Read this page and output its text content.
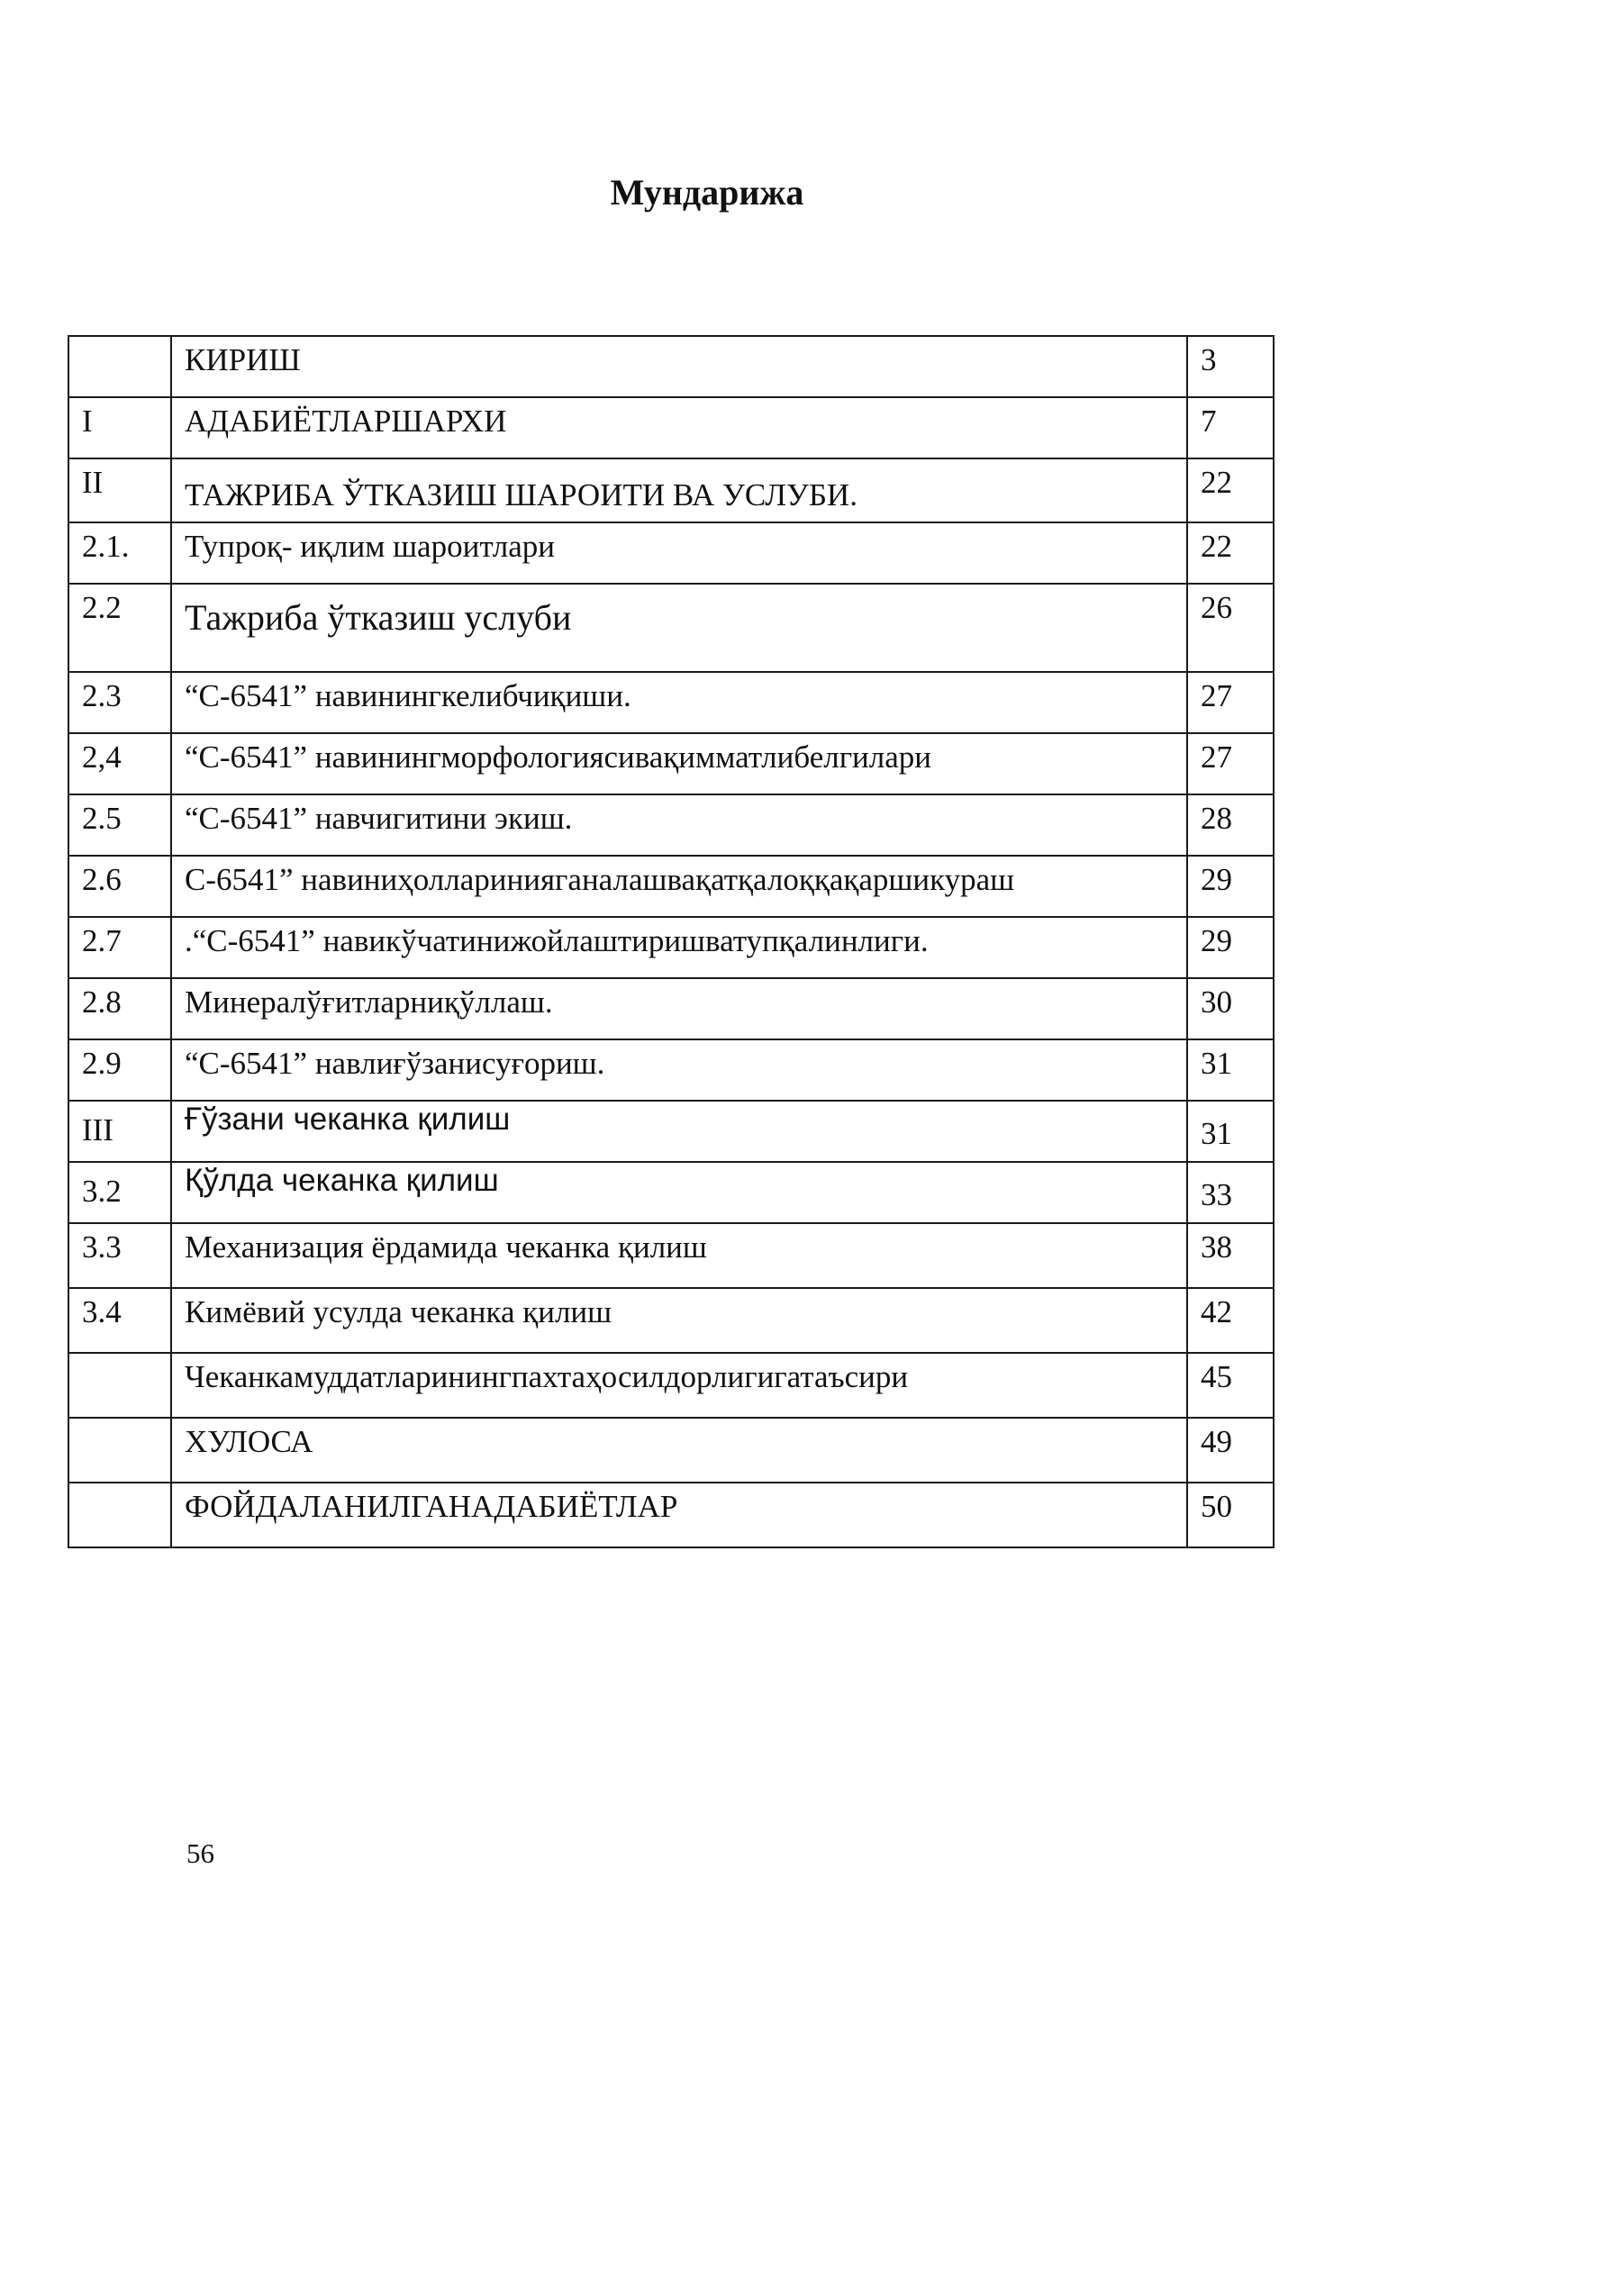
Мундарижа
	КИРИШ	3
I	АДАБИЁТЛАРШАРХИ	7
II	ТАЖРИБА ЎТКАЗИШ ШАРОИТИ ВА УСЛУБИ.	22
2.1.	Тупроқ- иқлим шароитлари	22
2.2	Тажриба ўтказиш услуби	26
2.3	“С-6541” навинингкелибчиқиши.	27
2,4	“С-6541” навинингморфологиясивақимматлибелгилари	27
2.5	“С-6541” навчигитини экиш.	28
2.6	С-6541” навиниҳолларинияганалашвақатқалоққақаршикураш	29
2.7	.“С-6541” навикўчатинижойлаштиришватупқалинлиги.	29
2.8	Минералўғитларниқўллаш.	30
2.9	“С-6541” навлиғўзанисуғориш.	31
III	Ғўзани чеканка қилиш	31
3.2	Қўлда чеканка қилиш	33
3.3	Механизация ёрдамида чеканка қилиш	38
3.4	Кимёвий усулда чеканка қилиш	42
	Чеканкамуддатларинингпахтаҳосилдорлигигатаъсири	45
	ХУЛОСА	49
	ФОЙДАЛАНИЛГАНАДАБИЁТЛАР	50
56
